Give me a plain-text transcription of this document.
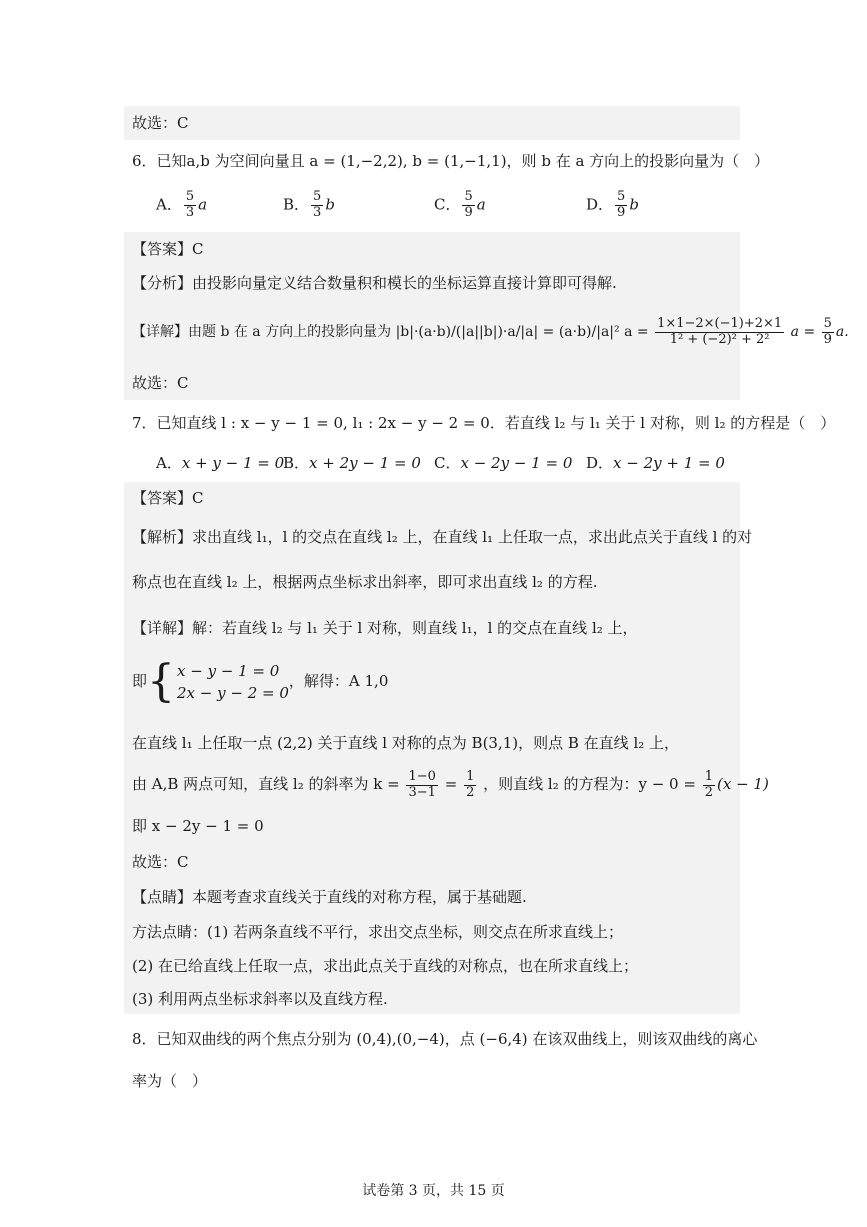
故选：C
6．已知a,b 为空间向量且 a = (1,−2,2), b = (1,−1,1)，则 b 在 a 方向上的投影向量为（　）
A． $\frac{5}{3}$ a	B． $\frac{5}{3}$ b	C． $\frac{5}{9}$ a	D． $\frac{5}{9}$ b
【答案】C
【分析】由投影向量定义结合数量积和模长的坐标运算直接计算即可得解.
【详解】由题 b 在 a 方向上的投影向量为 |b|·(a·b)/(|a||b|)·a/|a| = (a·b)/|a|² $a = \frac{1\times 1-2\times(-1)+2\times 1}{\text{1² + (−2)² + 2²}}$ $a = \frac{5}{9} a$.
故选：C
7．已知直线 l : x − y − 1 = 0, l₁ : 2x − y − 2 = 0．若直线 l₂ 与 l₁ 关于 l 对称，则 l₂ 的方程是（　）
A．x + y − 1 = 0
B．x + 2y − 1 = 0 C．x − 2y − 1 = 0 D．x − 2y + 1 = 0
【答案】C
【解析】求出直线 l₁，l 的交点在直线 l₂ 上，在直线 l₁ 上任取一点，求出此点关于直线 l 的对
称点也在直线 l₂ 上，根据两点坐标求出斜率，即可求出直线 l₂ 的方程.
【详解】解：若直线 l₂ 与 l₁ 关于 l 对称，则直线 l₁，l 的交点在直线 l₂ 上，
即{ x − y − 1 = 0
2x − y − 2 = 0
，解得：A 1,0
在直线 l₁ 上任取一点 (2,2) 关于直线 l 对称的点为 B(3,1)，则点 B 在直线 l₂ 上，
由 A,B 两点可知，直线 l₂ 的斜率为 $k = \frac{1-0}{3-1} = \frac{1}{2}$ ，则直线 l₂ 的方程为：$y - 0 = \frac{1}{2} (x - 1)$
即 x − 2y − 1 = 0
故选：C
【点睛】本题考查求直线关于直线的对称方程，属于基础题.
方法点睛：(1) 若两条直线不平行，求出交点坐标，则交点在所求直线上；
(2) 在已给直线上任取一点，求出此点关于直线的对称点，也在所求直线上；
(3) 利用两点坐标求斜率以及直线方程.
8．已知双曲线的两个焦点分别为 (0,4),(0,−4)，点 (−6,4) 在该双曲线上，则该双曲线的离心
率为（　）
试卷第 3 页，共 15 页
